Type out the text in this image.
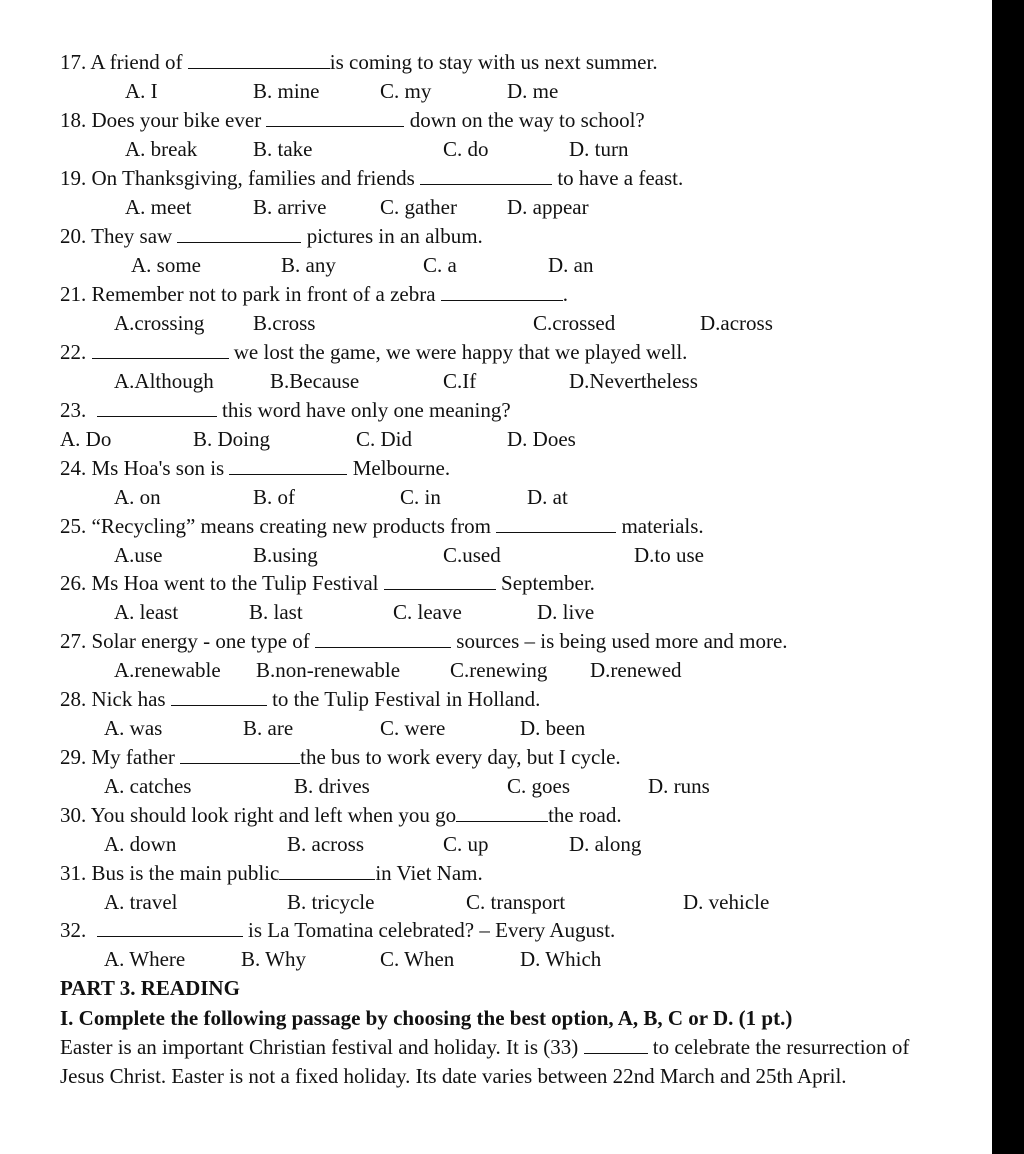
17. A friend of	is coming to stay with us next summer.
A. I	B. mine	C. my	D. me
18. Does your bike ever	down on the way to school?
A. break	B. take	C. do	D. turn
19. On Thanksgiving, families and friends	to have a feast.
A. meet	B. arrive	C. gather D. appear
20. They saw	pictures in an album.
A. some	B. any	C. a	D. an
21. Remember not to park in front of a zebra	.
A.crossing B.cross	C.crossed	D.across
22.	we lost the game, we were happy that we played well.
A.Although	B.Because	C.If	D.Nevertheless
23.	this word have only one meaning?
A. Do	B. Doing	C. Did	D. Does
24. Ms Hoa's son is	Melbourne.
A. on	B. of	C. in	D. at
25. “Recycling” means creating new products from	materials.
A.use	B.using	C.used	D.to use
26. Ms Hoa went to the Tulip Festival	September.
A. least	B. last	C. leave	D. live
27. Solar energy - one type of	sources – is being used more and more.
A.renewable B.non-renewable C.renewing D.renewed
28. Nick has	to the Tulip Festival in Holland.
A. was	B. are	C. were	D. been
29. My father	the bus to work every day, but I cycle.
A. catches	B. drives	C. goes	D. runs
30. You should look right and left when you go	the road.
A. down	B. across	C. up	D. along
31. Bus is the main public	in Viet Nam.
A. travel	B. tricycle	C. transport	D. vehicle
32.	is La Tomatina celebrated? – Every August.
A. Where	B. Why	C. When	D. Which
PART 3. READING
I. Complete the following passage by choosing the best option, A, B, C or D. (1 pt.)
Easter is an important Christian festival and holiday. It is (33)	to celebrate the resurrection of
Jesus Christ. Easter is not a fixed holiday. Its date varies between 22nd March and 25th April.
